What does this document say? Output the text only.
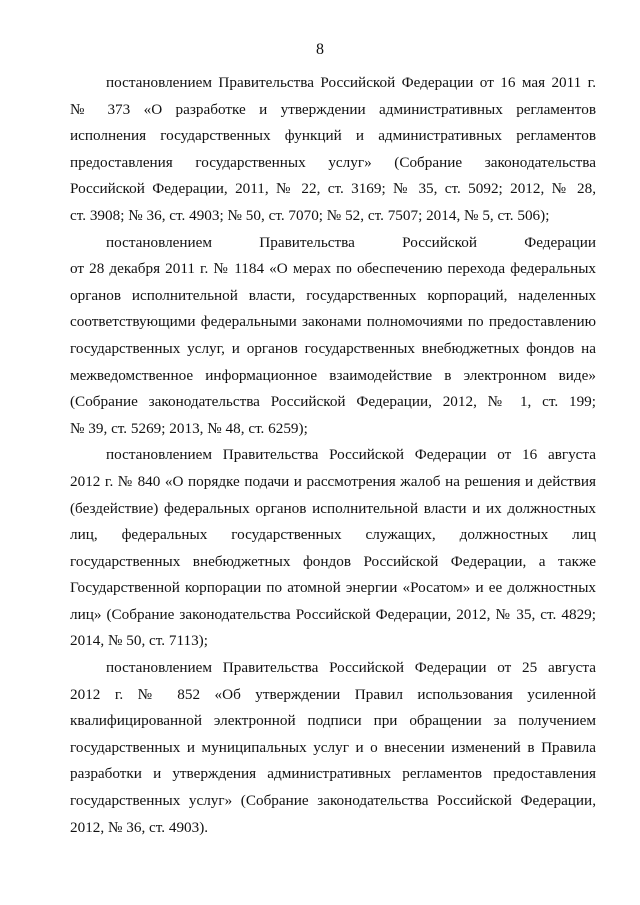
8
постановлением Правительства Российской Федерации от 16 мая 2011 г.
№ 373 «О разработке и утверждении административных регламентов
исполнения государственных функций и административных регламентов
предоставления государственных услуг» (Собрание законодательства
Российской Федерации, 2011, № 22, ст. 3169; № 35, ст. 5092; 2012, № 28,
ст. 3908; № 36, ст. 4903; № 50, ст. 7070; № 52, ст. 7507; 2014, № 5, ст. 506);
постановлением Правительства Российской Федерации
от 28 декабря 2011 г. № 1184 «О мерах по обеспечению перехода федеральных
органов исполнительной власти, государственных корпораций, наделенных
соответствующими федеральными законами полномочиями по предоставлению
государственных услуг, и органов государственных внебюджетных фондов на
межведомственное информационное взаимодействие в электронном виде»
(Собрание законодательства Российской Федерации, 2012, № 1, ст. 199;
№ 39, ст. 5269; 2013, № 48, ст. 6259);
постановлением Правительства Российской Федерации от 16 августа
2012 г. № 840 «О порядке подачи и рассмотрения жалоб на решения и действия
(бездействие) федеральных органов исполнительной власти и их должностных
лиц, федеральных государственных служащих, должностных лиц
государственных внебюджетных фондов Российской Федерации, а также
Государственной корпорации по атомной энергии «Росатом» и ее должностных
лиц» (Собрание законодательства Российской Федерации, 2012, № 35, ст. 4829;
2014, № 50, ст. 7113);
постановлением Правительства Российской Федерации от 25 августа
2012 г. № 852 «Об утверждении Правил использования усиленной
квалифицированной электронной подписи при обращении за получением
государственных и муниципальных услуг и о внесении изменений в Правила
разработки и утверждения административных регламентов предоставления
государственных услуг» (Собрание законодательства Российской Федерации,
2012, № 36, ст. 4903).
